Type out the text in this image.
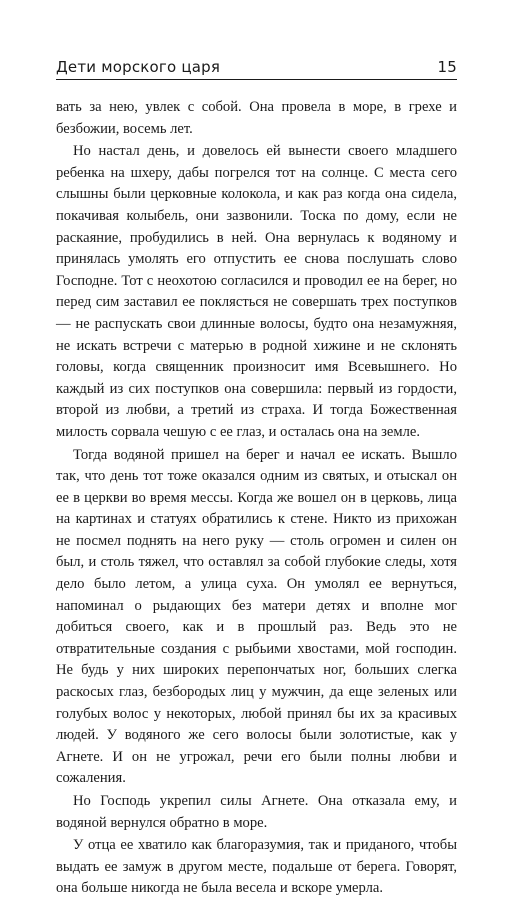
Дети морского царя	15

вать за нею, увлек с собой. Она провела в море, в грехе и безбожии, восемь лет.

Но настал день, и довелось ей вынести своего младшего ребенка на шхеру, дабы погрелся тот на солнце. С места сего слышны были церковные колокола, и как раз когда она сидела, покачивая колыбель, они зазвонили. Тоска по дому, если не раскаяние, пробудились в ней. Она вернулась к водяному и принялась умолять его отпустить ее снова послушать слово Господне. Тот с неохотою согласился и проводил ее на берег, но перед сим заставил ее поклясться не совершать трех поступков — не распускать свои длинные волосы, будто она незамужняя, не искать встречи с матерью в родной хижине и не склонять головы, когда священник произносит имя Всевышнего. Но каждый из сих поступков она совершила: первый из гордости, второй из любви, а третий из страха. И тогда Божественная милость сорвала чешую с ее глаз, и осталась она на земле.

Тогда водяной пришел на берег и начал ее искать. Вышло так, что день тот тоже оказался одним из святых, и отыскал он ее в церкви во время мессы. Когда же вошел он в церковь, лица на картинах и статуях обратились к стене. Никто из прихожан не посмел поднять на него руку — столь огромен и силен он был, и столь тяжел, что оставлял за собой глубокие следы, хотя дело было летом, а улица суха. Он умолял ее вернуться, напоминал о рыдающих без матери детях и вполне мог добиться своего, как и в прошлый раз. Ведь это не отвратительные создания с рыбьими хвостами, мой господин. Не будь у них широких перепончатых ног, больших слегка раскосых глаз, безбородых лиц у мужчин, да еще зеленых или голубых волос у некоторых, любой принял бы их за красивых людей. У водяного же сего волосы были золотистые, как у Агнете. И он не угрожал, речи его были полны любви и сожаления.

Но Господь укрепил силы Агнете. Она отказала ему, и водяной вернулся обратно в море.

У отца ее хватило как благоразумия, так и приданого, чтобы выдать ее замуж в другом месте, подальше от берега. Говорят, она больше никогда не была весела и вскоре умерла.
